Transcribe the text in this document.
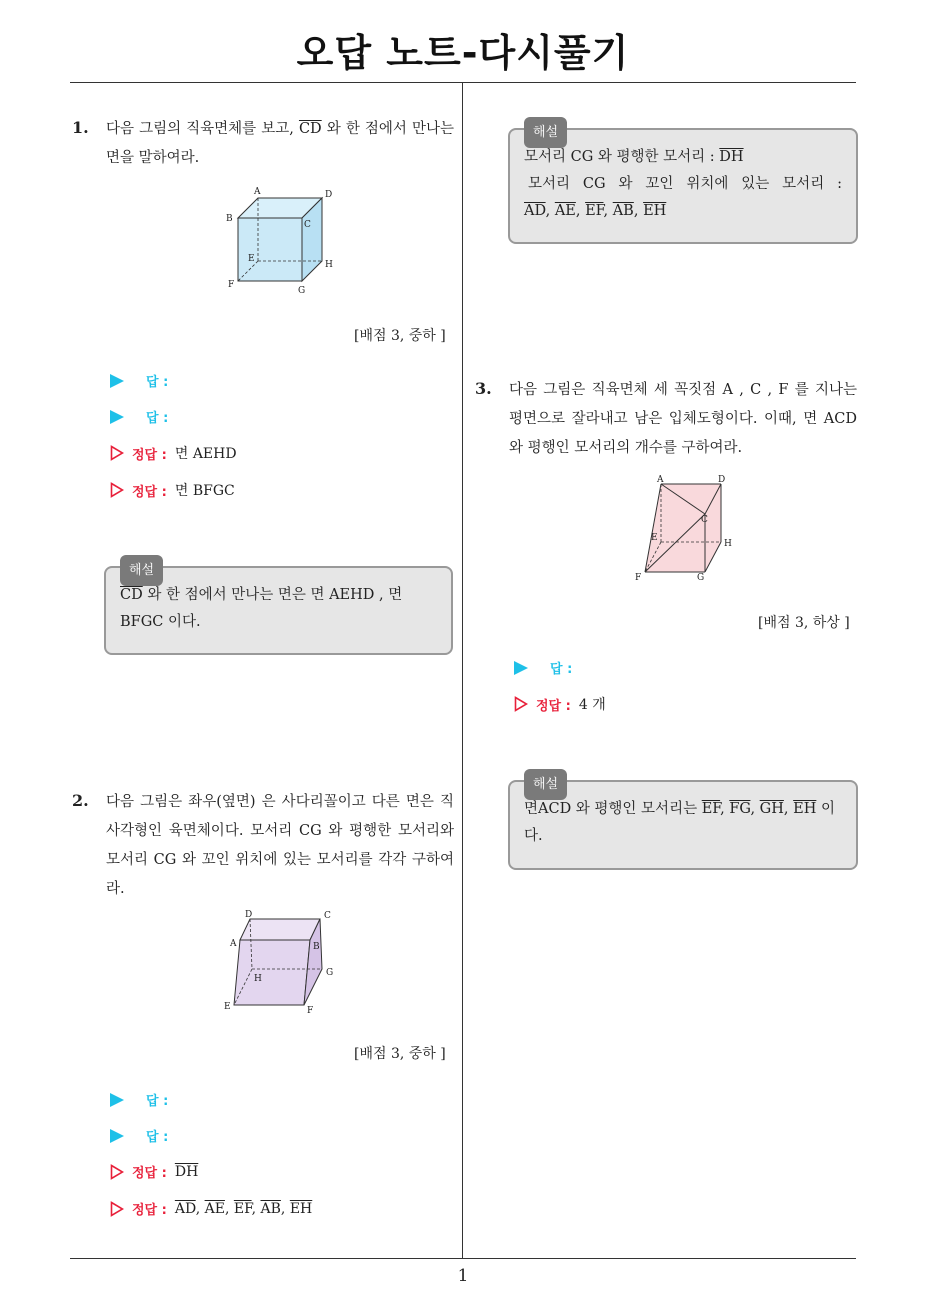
오답 노트-다시풀기
1
1. 다음 그림의 직육면체를 보고, $\overline{CD}$ 와 한 점에서 만나는 면을 말하여라.
A
B
C
D
E
F
G
H
[배점 3, 중하 ]
답 :
답 :
정답 : 면 AEHD
정답 : 면 BFGC
해설
$\overline{CD}$ 와 한 점에서 만나는 면은 면 AEHD , 면 BFGC 이다.
2. 다음 그림은 좌우(옆면) 은 사다리꼴이고 다른 면은 직사각형인 육면체이다. 모서리 CG 와 평행한 모서리와 모서리 CG 와 꼬인 위치에 있는 모서리를 각각 구하여라.
D	C
A	B
G
H
E	F
[배점 3, 중하 ]
답 :
답 :
정답 : $\overline{DH}$
정답 : $\overline{AD}$, $\overline{AE}$, $\overline{EF}$, $\overline{AB}$, $\overline{EH}$
해설
모서리 CG 와 평행한 모서리 : $\overline{DH}$
모서리 CG 와 꼬인 위치에 있는 모서리 :
$\overline{AD}$, $\overline{AE}$, $\overline{EF}$, $\overline{AB}$, $\overline{EH}$
3. 다음 그림은 직육면체 세 꼭짓점 A , C , F 를 지나는 평면으로 잘라내고 남은 입체도형이다. 이때, 면 ACD 와 평행인 모서리의 개수를 구하여라.
A	D
C
E
H
F	G
[배점 3, 하상 ]
답 :
정답 : 4 개
해설
면ACD 와 평행인 모서리는 $\overline{EF}$, $\overline{FG}$, $\overline{GH}$, $\overline{EH}$ 이다.
